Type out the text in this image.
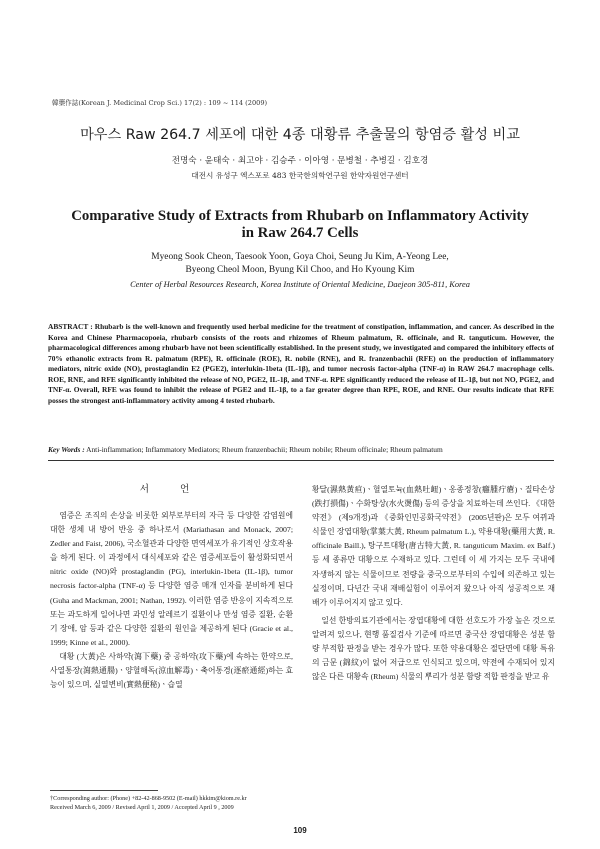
韓藥作誌(Korean J. Medicinal Crop Sci.) 17(2) : 109 ~ 114 (2009)
마우스 Raw 264.7 세포에 대한 4종 대황류 추출물의 항염증 활성 비교
전명숙 · 윤태숙 · 최고야 · 김승주 · 이아영 · 문병철 · 추병길 · 김호경
대전시 유성구 엑스포로 483 한국한의학연구원 한약자원연구센터
Comparative Study of Extracts from Rhubarb on Inflammatory Activity
in Raw 264.7 Cells
Myeong Sook Cheon, Taesook Yoon, Goya Choi, Seung Ju Kim, A-Yeong Lee,
Byeong Cheol Moon, Byung Kil Choo, and Ho Kyoung Kim
Center of Herbal Resources Research, Korea Institute of Oriental Medicine, Daejeon 305-811, Korea
ABSTRACT : Rhubarb is the well-known and frequently used herbal medicine for the treatment of constipation, inflammation, and cancer. As described in the Korea and Chinese Pharmacopoeia, rhubarb consists of the roots and rhizomes of Rheum palmatum, R. officinale, and R. tanguticum. However, the pharmacological differences among rhubarb have not been scientifically established. In the present study, we investigated and compared the inhibitory effects of 70% ethanolic extracts from R. palmatum (RPE), R. officinale (ROE), R. nobile (RNE), and R. franzenbachii (RFE) on the production of inflammatory mediators, nitric oxide (NO), prostaglandin E2 (PGE2), interlukin-1beta (IL-1β), and tumor necrosis factor-alpha (TNF-α) in RAW 264.7 macrophage cells. ROE, RNE, and RFE significantly inhibited the release of NO, PGE2, IL-1β, and TNF-α. RPE significantly reduced the release of IL-1β, but not NO, PGE2, and TNF-α. Overall, RFE was found to inhibit the release of PGE2 and IL-1β, to a far greater degree than RPE, ROE, and RNE. Our results indicate that RFE posses the strongest anti-inflammatory activity among 4 tested rhubarb.
Key Words : Anti-inflammation; Inflammatory Mediators; Rheum franzenbachii; Rheum nobile; Rheum officinale; Rheum palmatum
서 언

염증은 조직의 손상을 비롯한 외부로부터의 자극 등 다양한 감염원에 대한 생체 내 방어 반응 중 하나로서 (Mariathasan and Monack, 2007; Zedler and Faist, 2006), 국소혈관과 다양한 면역세포가 유기적인 상호작용을 하게 된다. 이 과정에서 대식세포와 같은 염증세포들이 활성화되면서 nitric oxide (NO)와 prostaglandin (PG), interlukin-1beta (IL-1β), tumor necrosis factor-alpha (TNF-α) 등 다양한 염증 매개 인자를 분비하게 된다 (Guha and Mackman, 2001; Nathan, 1992). 이러한 염증 반응이 지속적으로 또는 과도하게 일어나면 과민성 알레르기 질환이나 만성 염증 질환, 순환기 장애, 암 등과 같은 다양한 질환의 원인을 제공하게 된다 (Gracie et al., 1999; Kinne et al., 2000).

대황 (大黃)은 사하약(瀉下藥) 중 공하약(攻下藥)에 속하는 한약으로, 사열통장(瀉熱通腸)ㆍ양혈해독(涼血解毒)ㆍ축어통경(逐瘀通經)하는 효능이 있으며, 실열변비(實熱便秘)ㆍ습열

황달(濕熱黃疸)ㆍ혈열토뉵(血熱吐衄)ㆍ옹종정창(癰腫疔瘡)ㆍ질타손상(跌打損傷)ㆍ수화탕상(水火燙傷) 등의 증상을 치료하는데 쓰인다. 《대한약전》 (제9개정)과 《중화인민공화국약전》 (2005년판)은 모두 여뀌과 식물인 장엽대황(掌葉大黃, Rheum palmatum L.), 약용대황(藥用大黃, R. officinale Baill.), 탕구트대황(唐古特大黃, R. tanguticum Maxim. ex Balf.) 등 세 종류만 대황으로 수재하고 있다. 그런데 이 세 가지는 모두 국내에 자생하지 않는 식물이므로 전량을 중국으로부터의 수입에 의존하고 있는 실정이며, 다년간 국내 재배실험이 이루어져 왔으나 아직 성공적으로 재배가 이루어지지 않고 있다.

일선 한방의료기관에서는 장엽대황에 대한 선호도가 가장 높은 것으로 알려져 있으나, 현행 품질검사 기준에 따르면 중국산 장엽대황은 성분 함량 부적합 판정을 받는 경우가 많다. 또한 약용대황은 절단면에 대황 특유의 금문 (錦紋)이 없어 저급으로 인식되고 있으며, 약전에 수재되어 있지 않은 다른 대황속 (Rheum) 식물의 뿌리가 성분 함량 적합 판정을 받고 유

†Corresponding author: (Phone) +82-42-868-9502 (E-mail) hkkim@kiom.re.kr
Received March 6, 2009 / Revised April 1, 2009 / Accepted April 9 , 2009
109
